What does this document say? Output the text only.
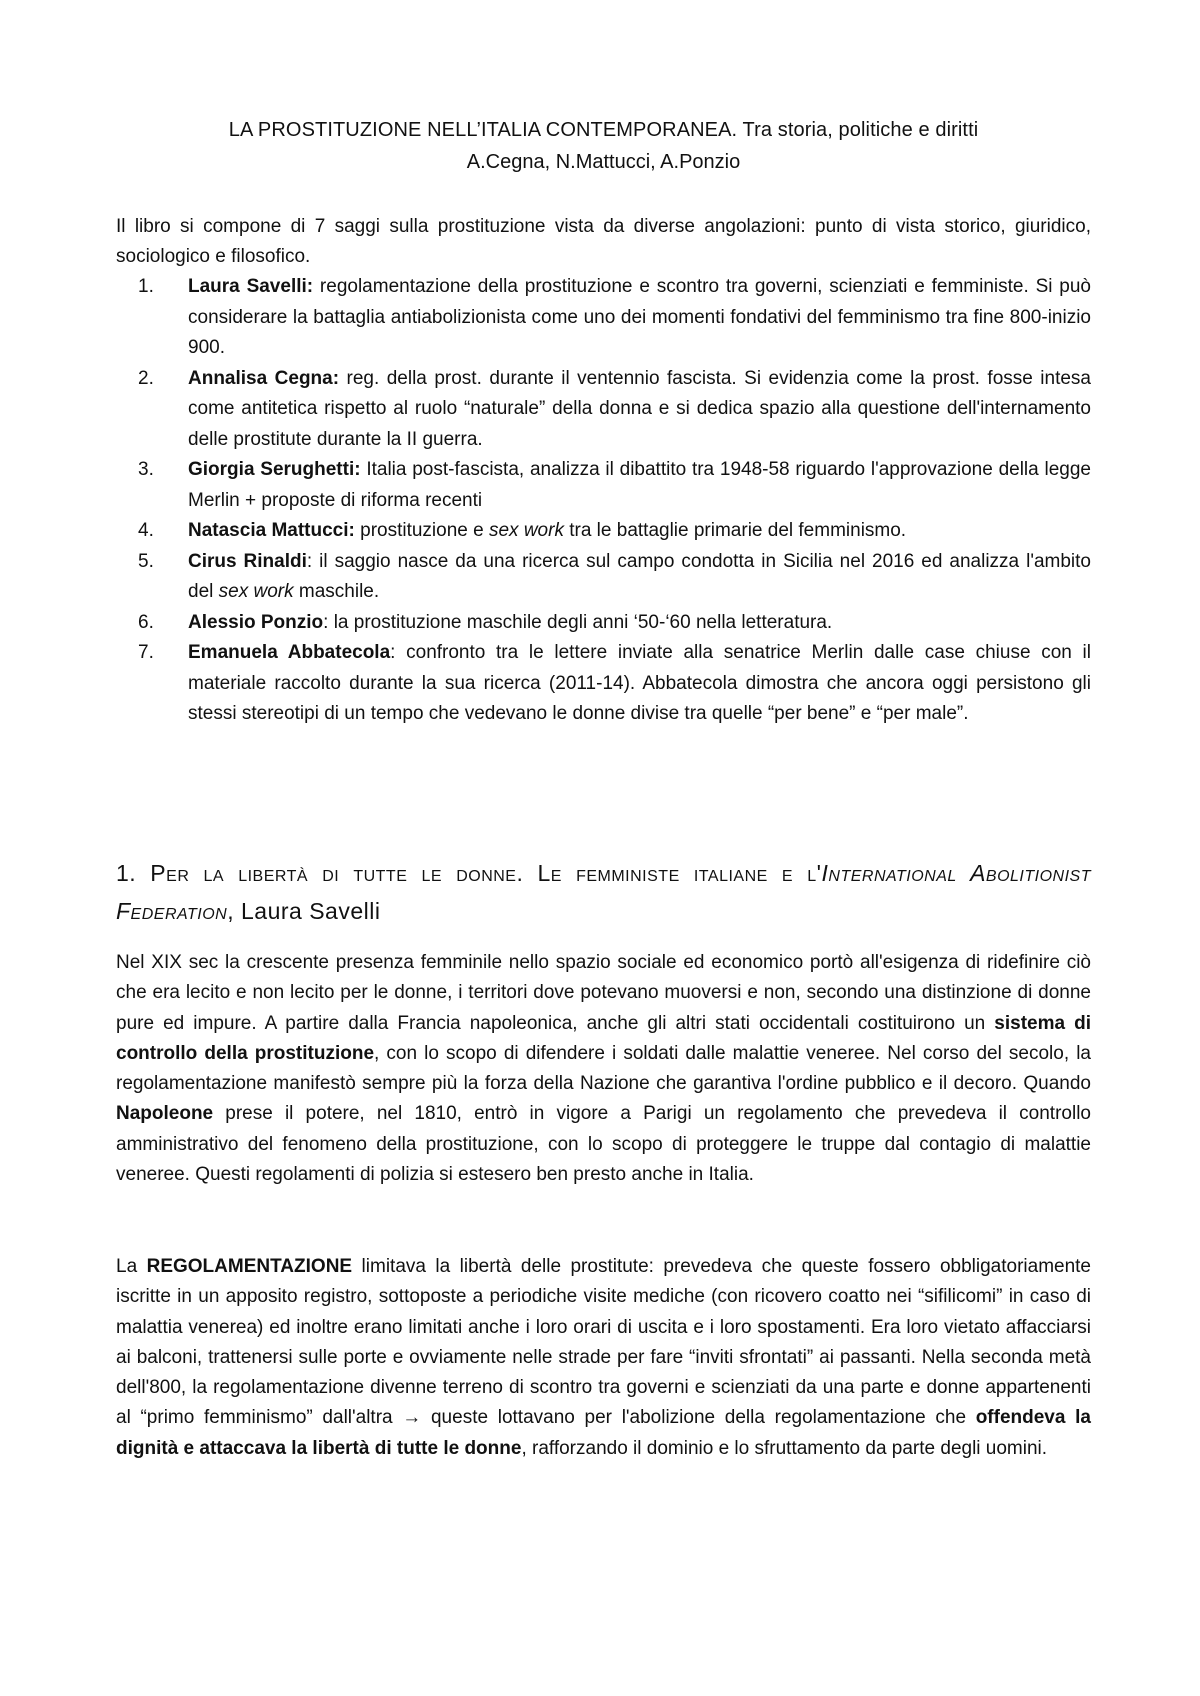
LA PROSTITUZIONE NELL’ITALIA CONTEMPORANEA. Tra storia, politiche e diritti
A.Cegna, N.Mattucci, A.Ponzio
Il libro si compone di 7 saggi sulla prostituzione vista da diverse angolazioni: punto di vista storico, giuridico, sociologico e filosofico.
1. Laura Savelli: regolamentazione della prostituzione e scontro tra governi, scienziati e femministe. Si può considerare la battaglia antiabolizionista come uno dei momenti fondativi del femminismo tra fine 800-inizio 900.
2. Annalisa Cegna: reg. della prost. durante il ventennio fascista. Si evidenzia come la prost. fosse intesa come antitetica rispetto al ruolo “naturale” della donna e si dedica spazio alla questione dell'internamento delle prostitute durante la II guerra.
3. Giorgia Serughetti: Italia post-fascista, analizza il dibattito tra 1948-58 riguardo l'approvazione della legge Merlin + proposte di riforma recenti
4. Natascia Mattucci: prostituzione e sex work tra le battaglie primarie del femminismo.
5. Cirus Rinaldi: il saggio nasce da una ricerca sul campo condotta in Sicilia nel 2016 ed analizza l'ambito del sex work maschile.
6. Alessio Ponzio: la prostituzione maschile degli anni ‘50-‘60 nella letteratura.
7. Emanuela Abbatecola: confronto tra le lettere inviate alla senatrice Merlin dalle case chiuse con il materiale raccolto durante la sua ricerca (2011-14). Abbatecola dimostra che ancora oggi persistono gli stessi stereotipi di un tempo che vedevano le donne divise tra quelle “per bene” e “per male”.
1. Per la libertà di tutte le donne. Le femministe italiane e l'International Abolitionist Federation, Laura Savelli
Nel XIX sec la crescente presenza femminile nello spazio sociale ed economico portò all'esigenza di ridefinire ciò che era lecito e non lecito per le donne, i territori dove potevano muoversi e non, secondo una distinzione di donne pure ed impure. A partire dalla Francia napoleonica, anche gli altri stati occidentali costituirono un sistema di controllo della prostituzione, con lo scopo di difendere i soldati dalle malattie veneree. Nel corso del secolo, la regolamentazione manifestò sempre più la forza della Nazione che garantiva l'ordine pubblico e il decoro. Quando Napoleone prese il potere, nel 1810, entrò in vigore a Parigi un regolamento che prevedeva il controllo amministrativo del fenomeno della prostituzione, con lo scopo di proteggere le truppe dal contagio di malattie veneree. Questi regolamenti di polizia si estesero ben presto anche in Italia.
La REGOLAMENTAZIONE limitava la libertà delle prostitute: prevedeva che queste fossero obbligatoriamente iscritte in un apposito registro, sottoposte a periodiche visite mediche (con ricovero coatto nei “sifilicomi” in caso di malattia venerea) ed inoltre erano limitati anche i loro orari di uscita e i loro spostamenti. Era loro vietato affacciarsi ai balconi, trattenersi sulle porte e ovviamente nelle strade per fare “inviti sfrontati” ai passanti. Nella seconda metà dell'800, la regolamentazione divenne terreno di scontro tra governi e scienziati da una parte e donne appartenenti al “primo femminismo” dall'altra → queste lottavano per l'abolizione della regolamentazione che offendeva la dignità e attaccava la libertà di tutte le donne, rafforzando il dominio e lo sfruttamento da parte degli uomini.
